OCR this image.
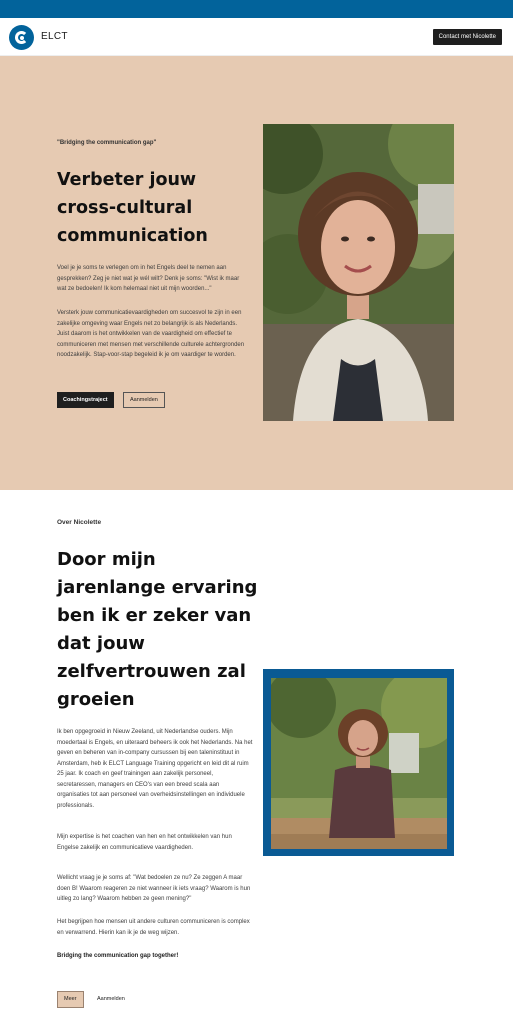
ELCT	Contact met Nicolette

"Bridging the communication gap"

Verbeter jouw cross-cultural communication

Voel je je soms te verlegen om in het Engels deel te nemen aan gesprekken? Zeg je niet wat je wél wilt? Denk je soms: "Wist ik maar wat ze bedoelen! Ik kom helemaal niet uit mijn woorden..."

Versterk jouw communicatievaardigheden om succesvol te zijn in een zakelijke omgeving waar Engels net zo belangrijk is als Nederlands. Juist daarom is het ontwikkelen van de vaardigheid om effectief te communiceren met mensen met verschillende culturele achtergronden noodzakelijk. Stap-voor-stap begeleid ik je om vaardiger te worden.

Coachingstraject	Aanmelden

Over Nicolette

Door mijn jarenlange ervaring ben ik er zeker van dat jouw zelfvertrouwen zal groeien

Ik ben opgegroeid in Nieuw Zeeland, uit Nederlandse ouders. Mijn moedertaal is Engels, en uiteraard beheers ik ook het Nederlands. Na het geven en beheren van in-company cursussen bij een taleninstituut in Amsterdam, heb ik ELCT Language Training opgericht en leid dit al ruim 25 jaar. Ik coach en geef trainingen aan zakelijk personeel, secretaressen, managers en CEO's van een breed scala aan organisaties tot aan personeel van overheidsinstellingen en individuele professionals.

Mijn expertise is het coachen van hen en het ontwikkelen van hun Engelse zakelijk en communicatieve vaardigheden.

Wellicht vraag je je soms af: "Wat bedoelen ze nu? Ze zeggen A maar doen B! Waarom reageren ze niet wanneer ik iets vraag? Waarom is hun uitleg zo lang? Waarom hebben ze geen mening?"

Het begrijpen hoe mensen uit andere culturen communiceren is complex en verwarrend. Hierin kan ik je de weg wijzen.

Bridging the communication gap together!

Meer	Aanmelden
